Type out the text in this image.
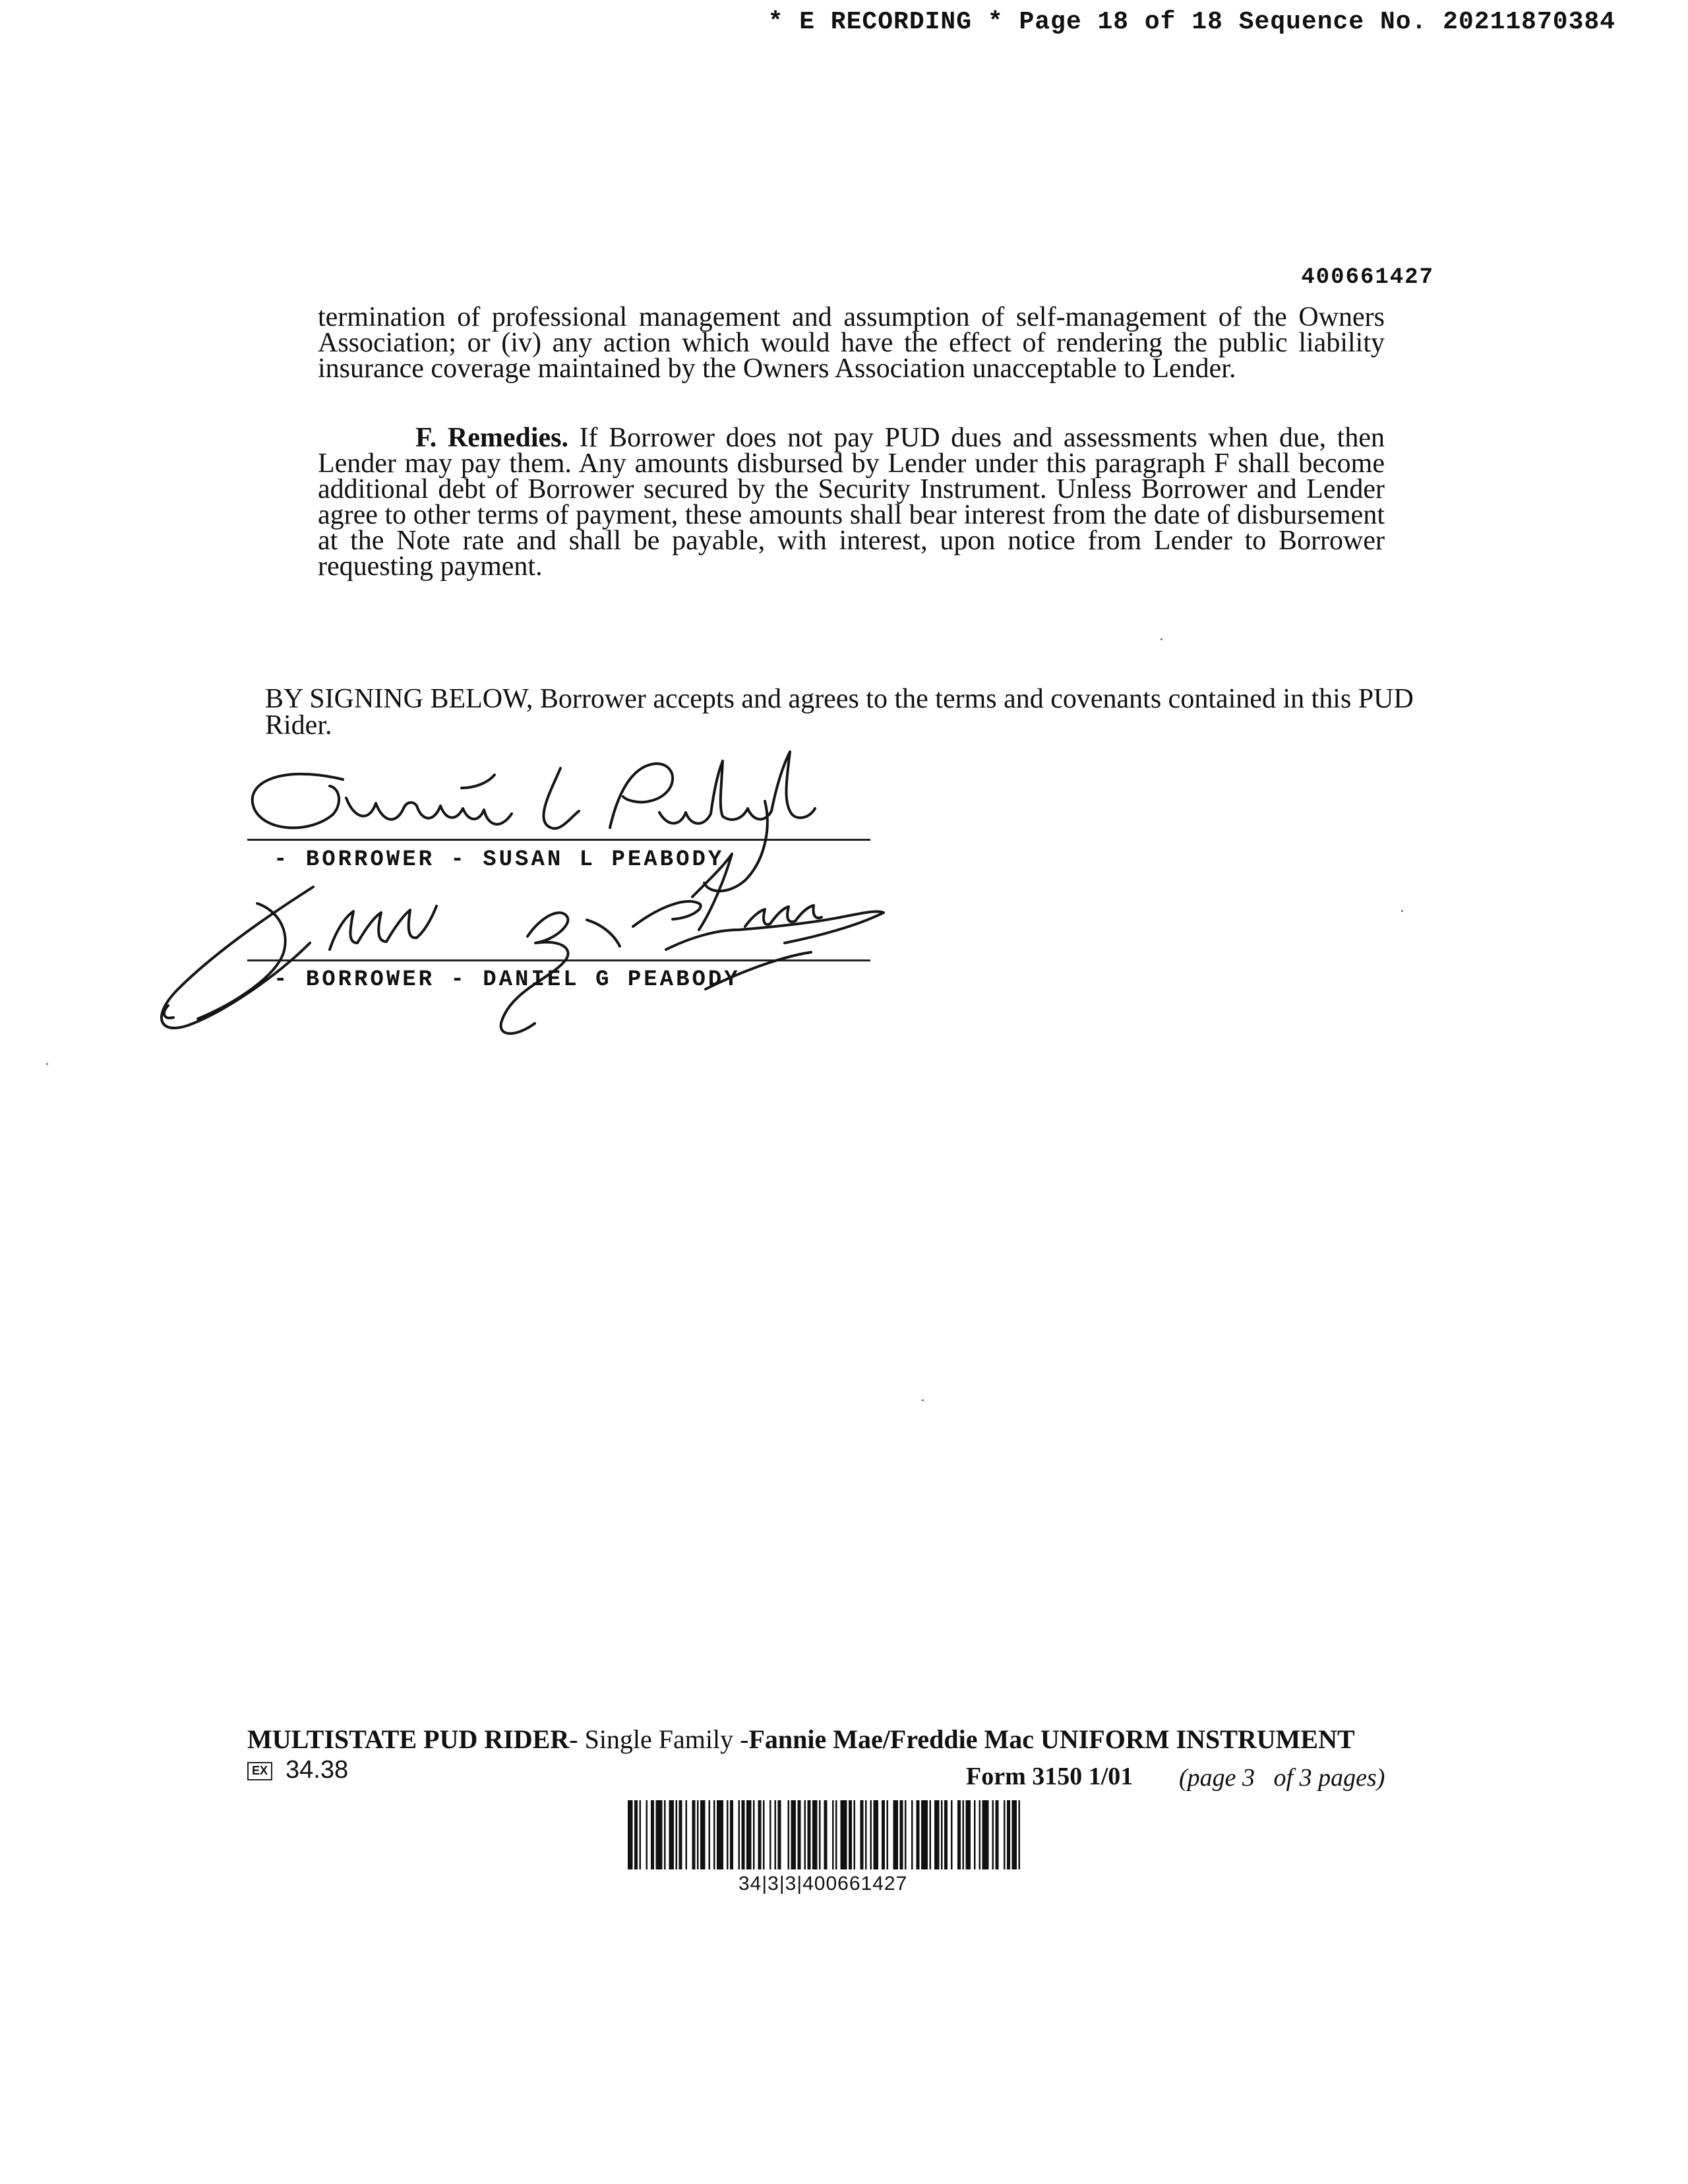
* E RECORDING * Page 18 of 18 Sequence No. 20211870384
400661427
termination of professional management and assumption of self-management of the Owners Association; or (iv) any action which would have the effect of rendering the public liability insurance coverage maintained by the Owners Association unacceptable to Lender.
F. Remedies. If Borrower does not pay PUD dues and assessments when due, then Lender may pay them. Any amounts disbursed by Lender under this paragraph F shall become additional debt of Borrower secured by the Security Instrument. Unless Borrower and Lender agree to other terms of payment, these amounts shall bear interest from the date of disbursement at the Note rate and shall be payable, with interest, upon notice from Lender to Borrower requesting payment.
BY SIGNING BELOW, Borrower accepts and agrees to the terms and covenants contained in this PUD Rider.
- BORROWER - SUSAN L PEABODY
- BORROWER - DANIEL G PEABODY
MULTISTATE PUD RIDER- Single Family -Fannie Mae/Freddie Mac UNIFORM INSTRUMENT
EX 34.38	Form 3150 1/01 (page 3   of 3 pages)
34|3|3|400661427
